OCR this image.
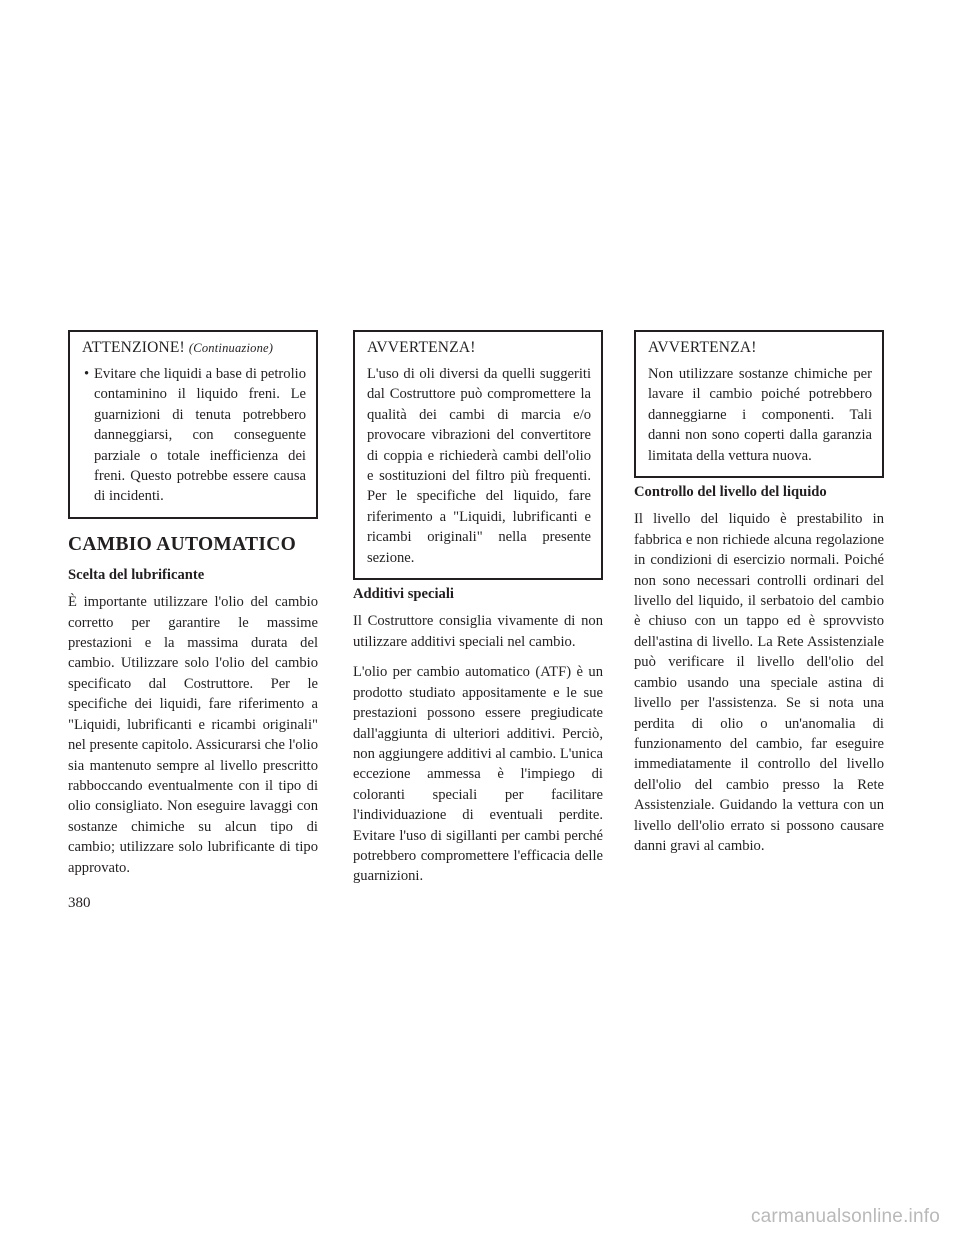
ATTENZIONE! (Continuazione)
• Evitare che liquidi a base di petrolio contaminino il liquido freni. Le guarnizioni di tenuta potrebbero danneggiarsi, con conseguente parziale o totale inefficienza dei freni. Questo potrebbe essere causa di incidenti.
CAMBIO AUTOMATICO
Scelta del lubrificante

È importante utilizzare l'olio del cambio corretto per garantire le massime prestazioni e la massima durata del cambio. Utilizzare solo l'olio del cambio specificato dal Costruttore. Per le specifiche dei liquidi, fare riferimento a "Liquidi, lubrificanti e ricambi originali" nel presente capitolo. Assicurarsi che l'olio sia mantenuto sempre al livello prescritto rabboccando eventualmente con il tipo di olio consigliato. Non eseguire lavaggi con sostanze chimiche su alcun tipo di cambio; utilizzare solo lubrificante di tipo approvato.

AVVERTENZA!
L'uso di oli diversi da quelli suggeriti dal Costruttore può compromettere la qualità dei cambi di marcia e/o provocare vibrazioni del convertitore di coppia e richiederà cambi dell'olio e sostituzioni del filtro più frequenti. Per le specifiche del liquido, fare riferimento a "Liquidi, lubrificanti e ricambi originali" nella presente sezione.
Additivi speciali

Il Costruttore consiglia vivamente di non utilizzare additivi speciali nel cambio.

L'olio per cambio automatico (ATF) è un prodotto studiato appositamente e le sue prestazioni possono essere pregiudicate dall'aggiunta di ulteriori additivi. Perciò, non aggiungere additivi al cambio. L'unica eccezione ammessa è l'impiego di coloranti speciali per facilitare l'individuazione di eventuali perdite. Evitare l'uso di sigillanti per cambi perché potrebbero compromettere l'efficacia delle guarnizioni.

AVVERTENZA!
Non utilizzare sostanze chimiche per lavare il cambio poiché potrebbero danneggiarne i componenti. Tali danni non sono coperti dalla garanzia limitata della vettura nuova.
Controllo del livello del liquido

Il livello del liquido è prestabilito in fabbrica e non richiede alcuna regolazione in condizioni di esercizio normali. Poiché non sono necessari controlli ordinari del livello del liquido, il serbatoio del cambio è chiuso con un tappo ed è sprovvisto dell'astina di livello. La Rete Assistenziale può verificare il livello dell'olio del cambio usando una speciale astina di livello per l'assistenza. Se si nota una perdita di olio o un'anomalia di funzionamento del cambio, far eseguire immediatamente il controllo del livello dell'olio del cambio presso la Rete Assistenziale. Guidando la vettura con un livello dell'olio errato si possono causare danni gravi al cambio.

380
carmanualsonline.info
